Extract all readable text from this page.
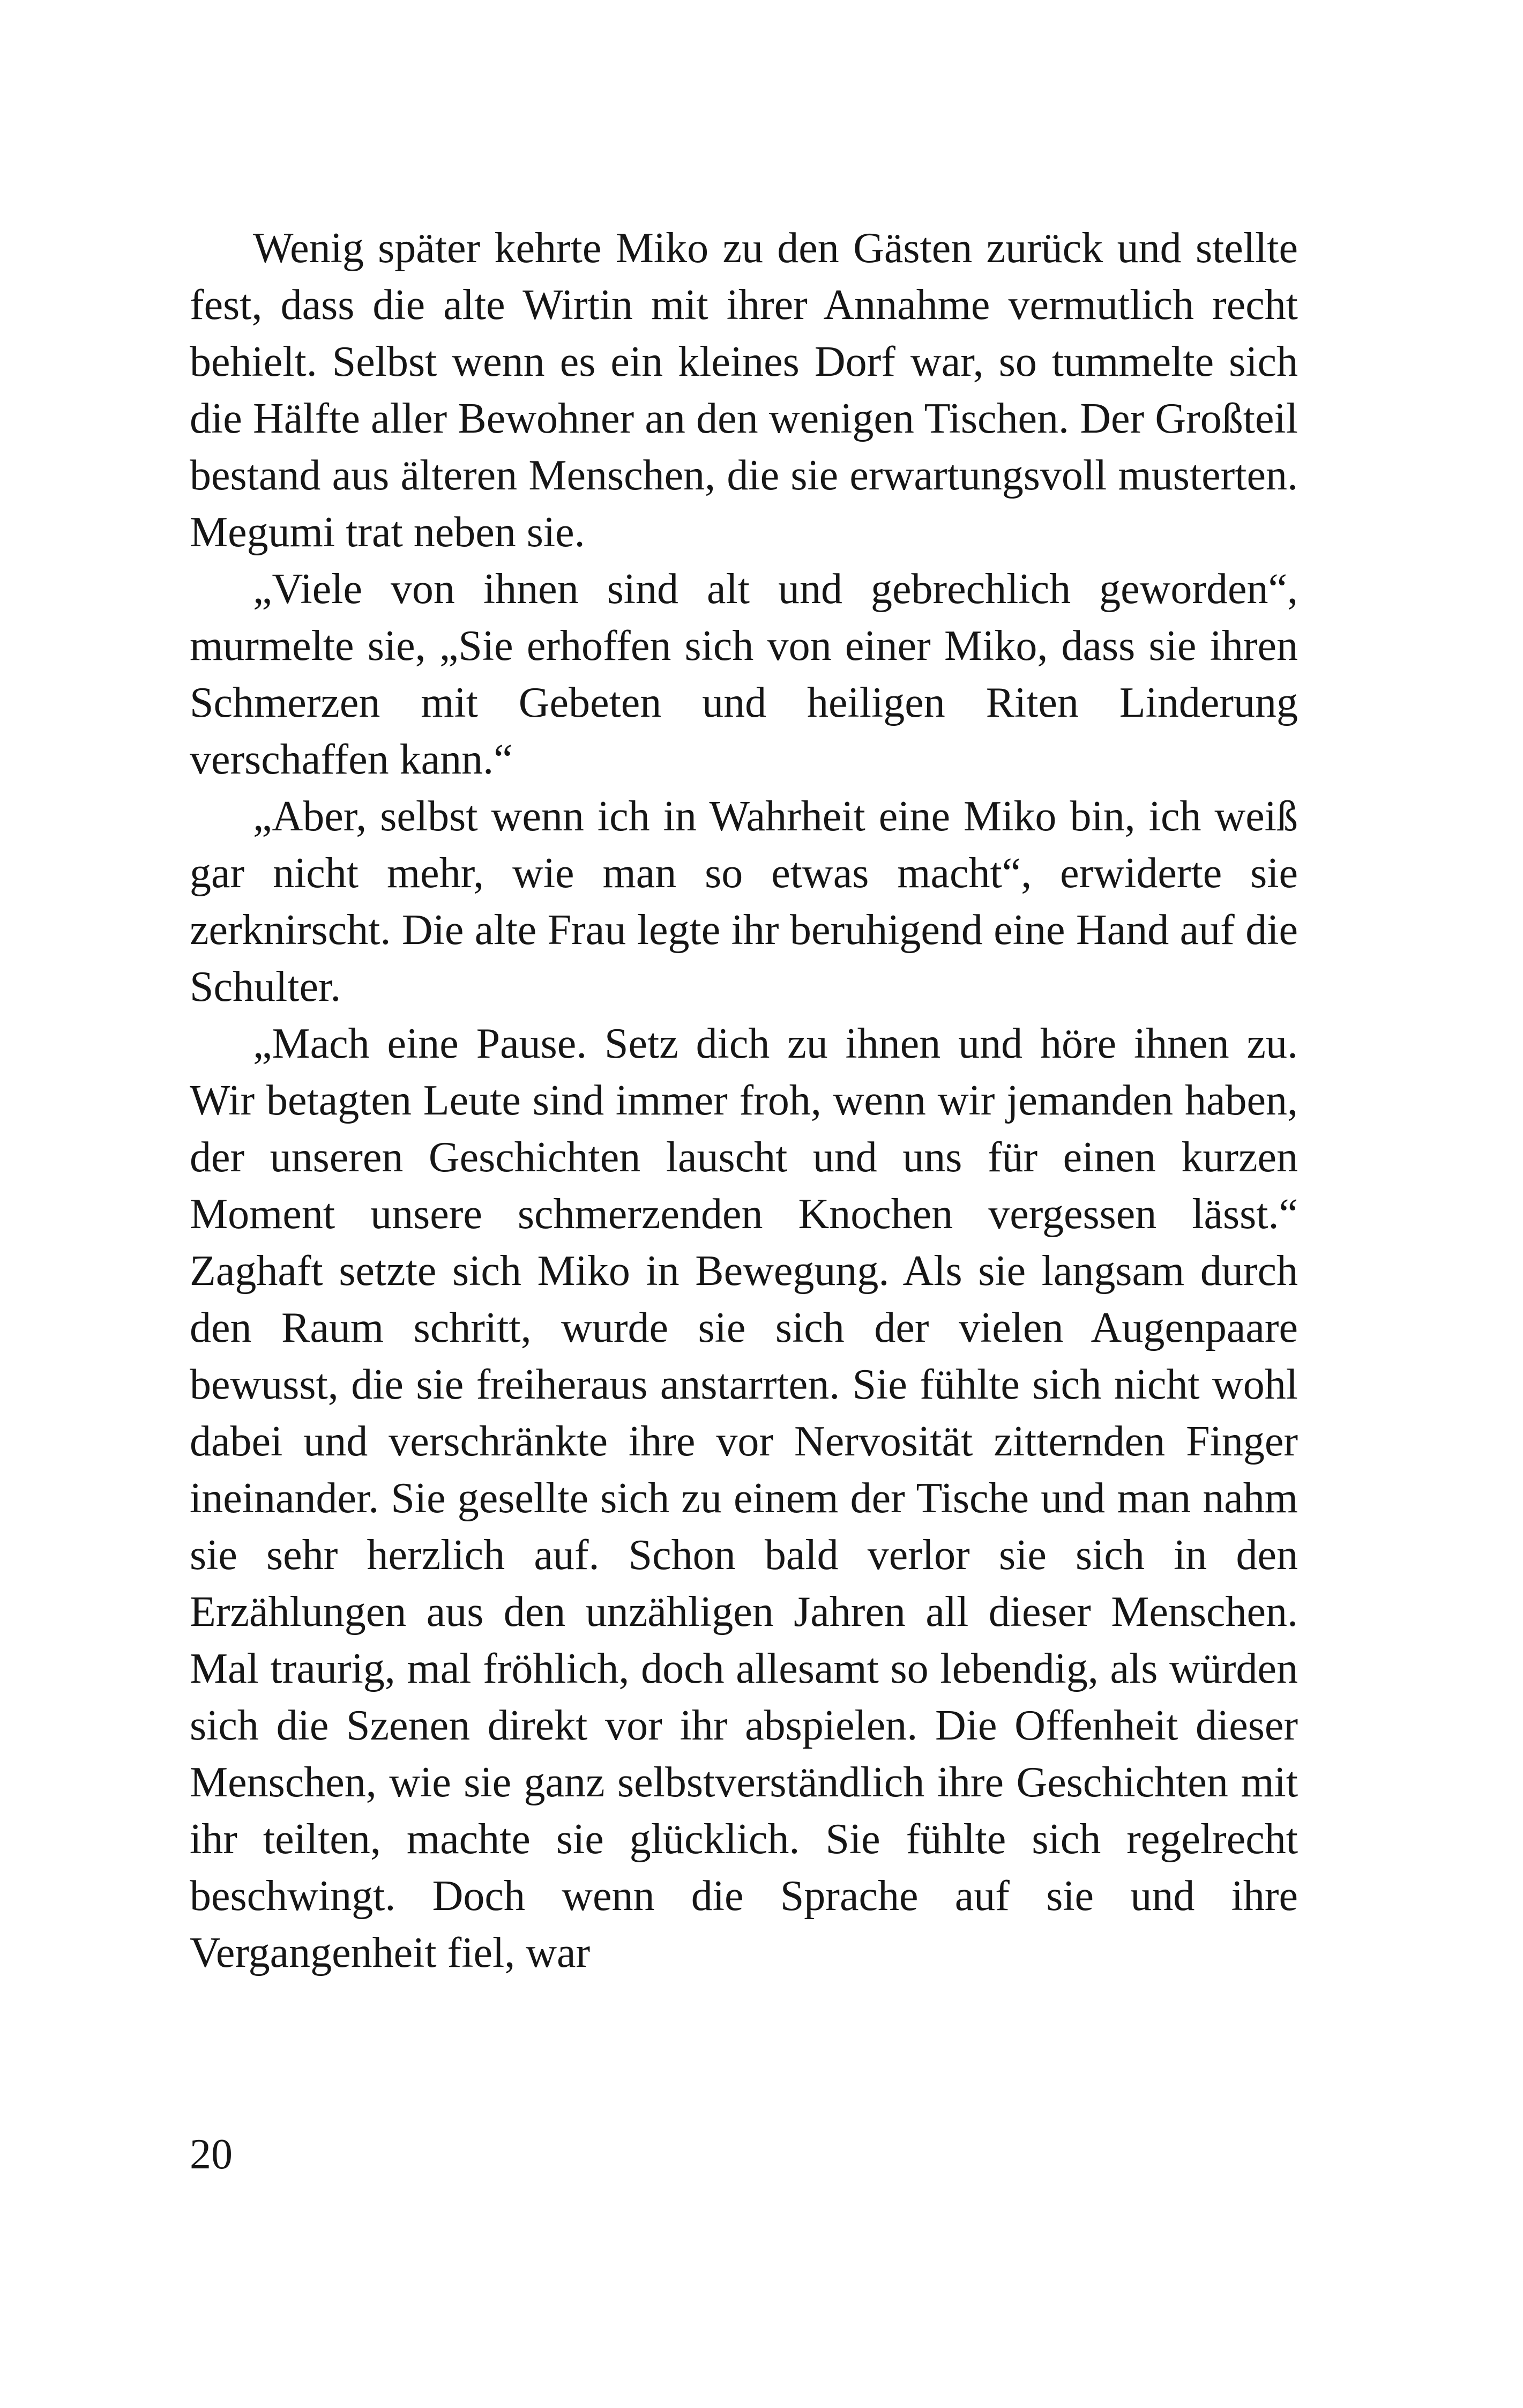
Wenig später kehrte Miko zu den Gästen zurück und stellte fest, dass die alte Wirtin mit ihrer Annahme vermutlich recht behielt. Selbst wenn es ein kleines Dorf war, so tummelte sich die Hälfte aller Bewohner an den wenigen Tischen. Der Großteil bestand aus älteren Menschen, die sie erwartungsvoll musterten. Megumi trat neben sie.

„Viele von ihnen sind alt und gebrechlich geworden“, murmelte sie, „Sie erhoffen sich von einer Miko, dass sie ihren Schmerzen mit Gebeten und heiligen Riten Linderung verschaffen kann.“

„Aber, selbst wenn ich in Wahrheit eine Miko bin, ich weiß gar nicht mehr, wie man so etwas macht“, erwiderte sie zerknirscht. Die alte Frau legte ihr beruhigend eine Hand auf die Schulter.

„Mach eine Pause. Setz dich zu ihnen und höre ihnen zu. Wir betagten Leute sind immer froh, wenn wir jemanden haben, der unseren Geschichten lauscht und uns für einen kurzen Moment unsere schmerzenden Knochen vergessen lässt.“ Zaghaft setzte sich Miko in Bewegung. Als sie langsam durch den Raum schritt, wurde sie sich der vielen Augenpaare bewusst, die sie freiheraus anstarrten. Sie fühlte sich nicht wohl dabei und verschränkte ihre vor Nervosität zitternden Finger ineinander. Sie gesellte sich zu einem der Tische und man nahm sie sehr herzlich auf. Schon bald verlor sie sich in den Erzählungen aus den unzähligen Jahren all dieser Menschen. Mal traurig, mal fröhlich, doch allesamt so lebendig, als würden sich die Szenen direkt vor ihr abspielen. Die Offenheit dieser Menschen, wie sie ganz selbstverständlich ihre Geschichten mit ihr teilten, machte sie glücklich. Sie fühlte sich regelrecht beschwingt. Doch wenn die Sprache auf sie und ihre Vergangenheit fiel, war

20
